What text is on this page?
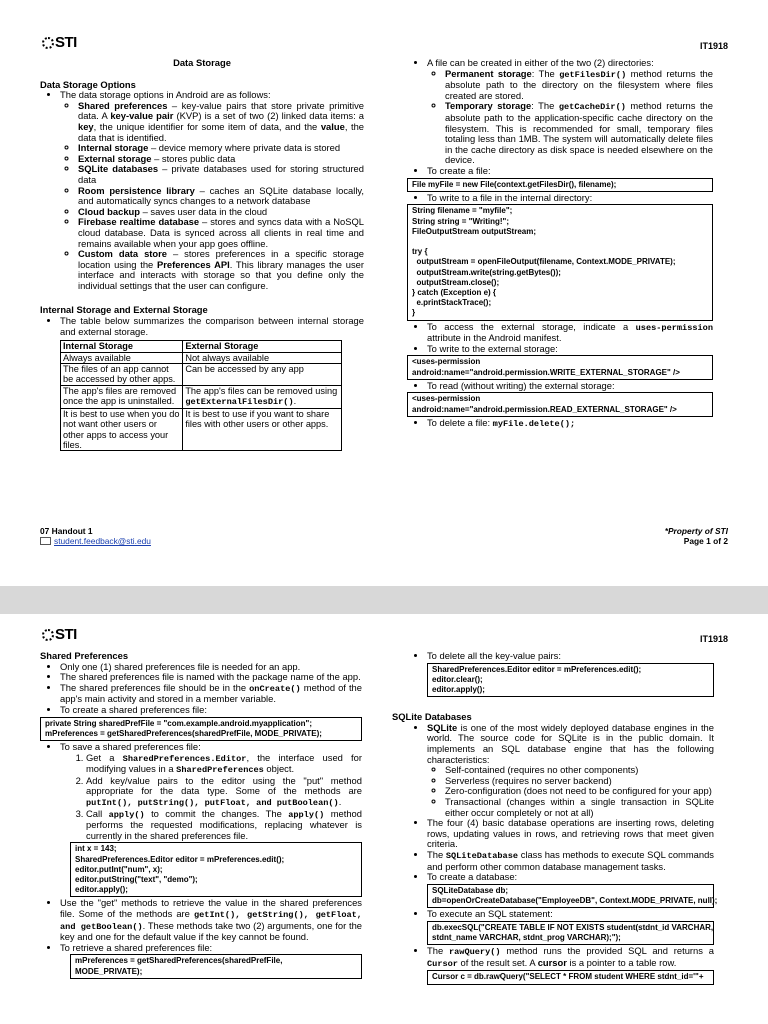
STI	IT1918
Data Storage

Data Storage Options

• The data storage options in Android are as follows:
◦ Shared preferences – key-value pairs that store private primitive data. A key-value pair (KVP) is a set of two (2) linked data items: a key, the unique identifier for some item of data, and the value, the data that is identified.
◦ Internal storage – device memory where private data is stored
◦ External storage – stores public data
◦ SQLite databases – private databases used for storing structured data
◦ Room persistence library – caches an SQLite database locally, and automatically syncs changes to a network database
◦ Cloud backup – saves user data in the cloud
◦ Firebase realtime database – stores and syncs data with a NoSQL cloud database. Data is synced across all clients in real time and remains available when your app goes offline.
◦ Custom data store – stores preferences in a specific storage location using the Preferences API. This library manages the user interface and interacts with storage so that you define only the individual settings that the user can configure.

Internal Storage and External Storage

• The table below summarizes the comparison between internal storage and external storage.
Internal Storage	External Storage
Always available	Not always available
The files of an app cannot be accessed by other apps.	Can be accessed by any app
The app's files are removed once the app is uninstalled.	The app's files can be removed using getExternalFilesDir().
It is best to use when you do not want other users or other apps to access your files.	It is best to use if you want to share files with other users or other apps.
• A file can be created in either of the two (2) directories:
◦ Permanent storage: The getFilesDir() method returns the absolute path to the directory on the filesystem where files created are stored.
◦ Temporary storage: The getCacheDir() method returns the absolute path to the application-specific cache directory on the filesystem. This is recommended for small, temporary files totaling less than 1MB. The system will automatically delete files in the cache directory as disk space is needed elsewhere on the device.
• To create a file:
File myFile = new File(context.getFilesDir(), filename);
• To write to a file in the internal directory:
String filename = "myfile";
String string = "Writing!";
FileOutputStream outputStream;

try {
outputStream = openFileOutput(filename, Context.MODE_PRIVATE);
outputStream.write(string.getBytes());
outputStream.close();
} catch (Exception e) {
e.printStackTrace();
}
• To access the external storage, indicate a uses-permission attribute in the Android manifest.
• To write to the external storage:
<uses-permission
android:name="android.permission.WRITE_EXTERNAL_STORAGE" />
• To read (without writing) the external storage:
<uses-permission
android:name="android.permission.READ_EXTERNAL_STORAGE" />
• To delete a file: myFile.delete();
07 Handout 1
student.feedback@sti.edu
*Property of STI
Page 1 of 2
STI	IT1918

Shared Preferences

• Only one (1) shared preferences file is needed for an app.
• The shared preferences file is named with the package name of the app.
• The shared preferences file should be in the onCreate() method of the app's main activity and stored in a member variable.
• To create a shared preferences file:
private String sharedPrefFile = "com.example.android.myapplication";
mPreferences = getSharedPreferences(sharedPrefFile, MODE_PRIVATE);
• To save a shared preferences file:
1. Get a SharedPreferences.Editor, the interface used for modifying values in a SharedPreferences object.
2. Add key/value pairs to the editor using the "put" method appropriate for the data type. Some of the methods are putInt(), putString(), putFloat, and putBoolean().
3. Call apply() to commit the changes. The apply() method performs the requested modifications, replacing whatever is currently in the shared preferences file.
int x = 143;
SharedPreferences.Editor editor = mPreferences.edit();
editor.putInt("num", x);
editor.putString("text", "demo");
editor.apply();
• Use the "get" methods to retrieve the value in the shared preferences file. Some of the methods are getInt(), getString(), getFloat, and getBoolean(). These methods take two (2) arguments, one for the key and one for the default value if the key cannot be found.
• To retrieve a shared preferences file:
mPreferences = getSharedPreferences(sharedPrefFile,
MODE_PRIVATE);
• To delete all the key-value pairs:
SharedPreferences.Editor editor = mPreferences.edit();
editor.clear();
editor.apply();

SQLite Databases

• SQLite is one of the most widely deployed database engines in the world. The source code for SQLite is in the public domain. It implements an SQL database engine that has the following characteristics:
◦ Self-contained (requires no other components)
◦ Serverless (requires no server backend)
◦ Zero-configuration (does not need to be configured for your app)
◦ Transactional (changes within a single transaction in SQLite either occur completely or not at all)
• The four (4) basic database operations are inserting rows, deleting rows, updating values in rows, and retrieving rows that meet given criteria.
• The SQLiteDatabase class has methods to execute SQL commands and perform other common database management tasks.
• To create a database:
SQLiteDatabase db;
db=openOrCreateDatabase("EmployeeDB", Context.MODE_PRIVATE, null);
• To execute an SQL statement:
db.execSQL("CREATE TABLE IF NOT EXISTS student(stdnt_id VARCHAR,
stdnt_name VARCHAR, stdnt_prog VARCHAR);");
• The rawQuery() method runs the provided SQL and returns a Cursor of the result set. A cursor is a pointer to a table row.
Cursor c = db.rawQuery("SELECT * FROM student WHERE stdnt_id='"+
